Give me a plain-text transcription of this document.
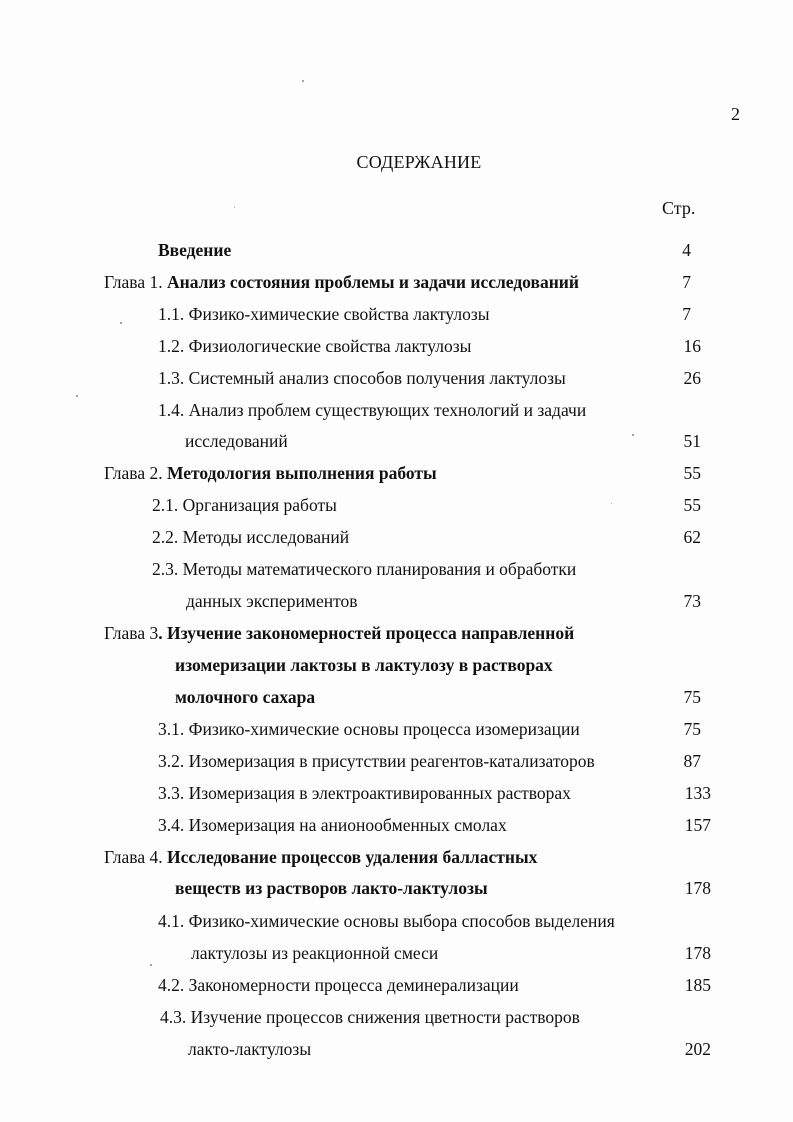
2
СОДЕРЖАНИЕ
Стр.
Введение	4
Глава 1. Анализ состояния проблемы и задачи исследований	7
1.1. Физико-химические свойства лактулозы	7
1.2. Физиологические свойства лактулозы	16
1.3. Системный анализ способов получения лактулозы	26
1.4. Анализ проблем существующих технологий и задачи
исследований	51
Глава 2. Методология выполнения работы	55
2.1. Организация работы	55
2.2. Методы исследований	62
2.3. Методы математического планирования и обработки
данных экспериментов	73
Глава 3. Изучение закономерностей процесса направленной
изомеризации лактозы в лактулозу в растворах
молочного сахара	75
3.1. Физико-химические основы процесса изомеризации	75
3.2. Изомеризация в присутствии реагентов-катализаторов	87
3.3. Изомеризация в электроактивированных растворах	133
3.4. Изомеризация на анионообменных смолах	157
Глава 4. Исследование процессов удаления балластных
веществ из растворов лакто-лактулозы	178
4.1. Физико-химические основы выбора способов выделения
лактулозы из реакционной смеси	178
4.2. Закономерности процесса деминерализации	185
4.3. Изучение процессов снижения цветности растворов
лакто-лактулозы	202
